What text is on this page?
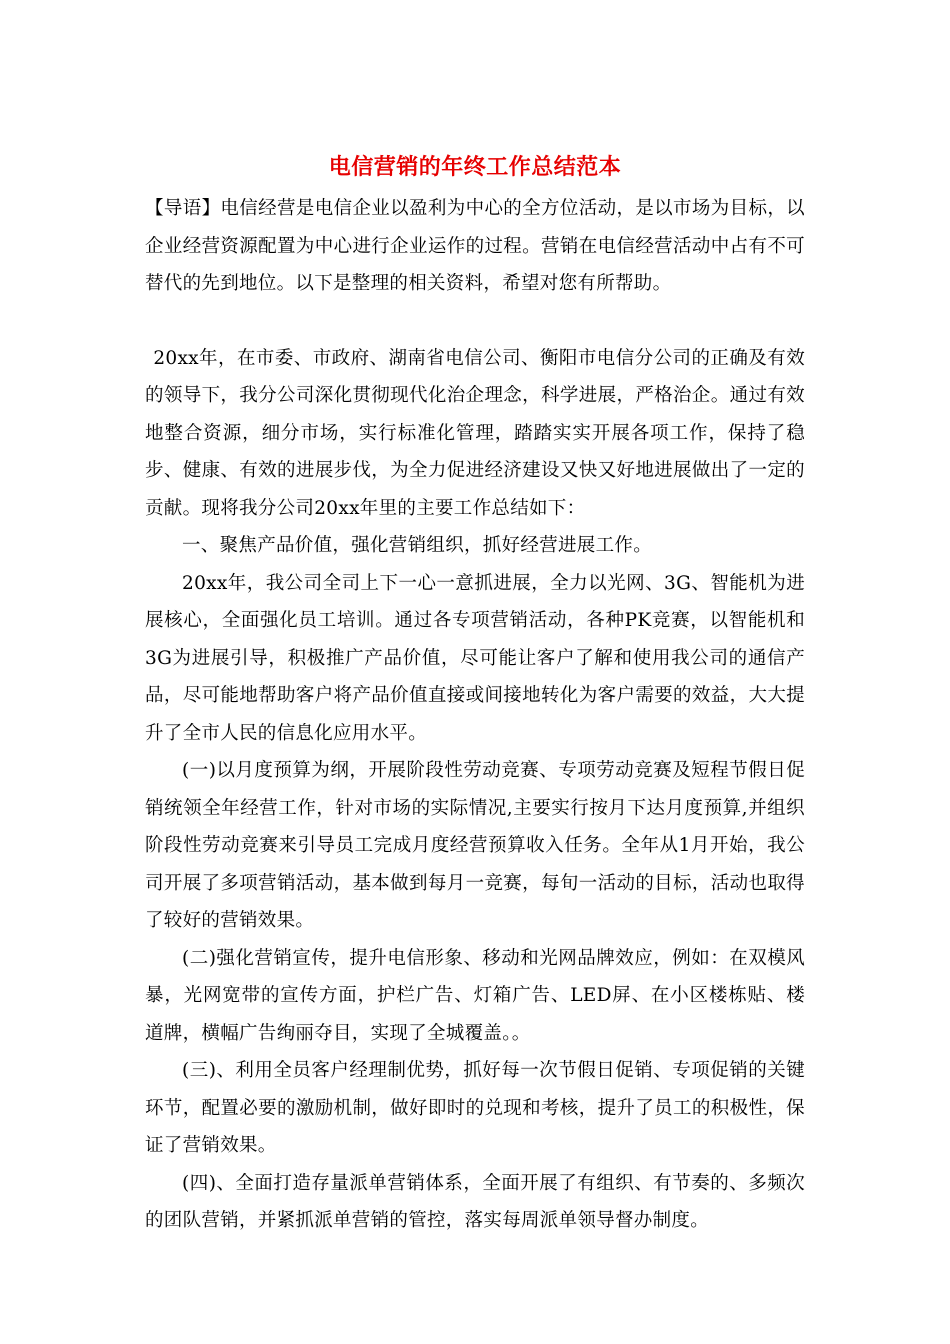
电信营销的年终工作总结范本

【导语】电信经营是电信企业以盈利为中心的全方位活动，是以市场为目标，以企业经营资源配置为中心进行企业运作的过程。营销在电信经营活动中占有不可替代的先到地位。以下是整理的相关资料，希望对您有所帮助。

20xx年，在市委、市政府、湖南省电信公司、衡阳市电信分公司的正确及有效的领导下，我分公司深化贯彻现代化治企理念，科学进展，严格治企。通过有效地整合资源，细分市场，实行标准化管理，踏踏实实开展各项工作，保持了稳步、健康、有效的进展步伐，为全力促进经济建设又快又好地进展做出了一定的贡献。现将我分公司20xx年里的主要工作总结如下：

一、聚焦产品价值，强化营销组织，抓好经营进展工作。

20xx年，我公司全司上下一心一意抓进展，全力以光网、3G、智能机为进展核心，全面强化员工培训。通过各专项营销活动，各种PK竞赛，以智能机和3G为进展引导，积极推广产品价值，尽可能让客户了解和使用我公司的通信产品，尽可能地帮助客户将产品价值直接或间接地转化为客户需要的效益，大大提升了全市人民的信息化应用水平。

(一)以月度预算为纲，开展阶段性劳动竞赛、专项劳动竞赛及短程节假日促销统领全年经营工作，针对市场的实际情况,主要实行按月下达月度预算,并组织阶段性劳动竞赛来引导员工完成月度经营预算收入任务。全年从1月开始，我公司开展了多项营销活动，基本做到每月一竞赛，每旬一活动的目标，活动也取得了较好的营销效果。

(二)强化营销宣传，提升电信形象、移动和光网品牌效应，例如：在双模风暴，光网宽带的宣传方面，护栏广告、灯箱广告、LED屏、在小区楼栋贴、楼道牌，横幅广告绚丽夺目，实现了全城覆盖。。

(三)、利用全员客户经理制优势，抓好每一次节假日促销、专项促销的关键环节，配置必要的激励机制，做好即时的兑现和考核，提升了员工的积极性，保证了营销效果。

(四)、全面打造存量派单营销体系，全面开展了有组织、有节奏的、多频次的团队营销，并紧抓派单营销的管控，落实每周派单领导督办制度。
